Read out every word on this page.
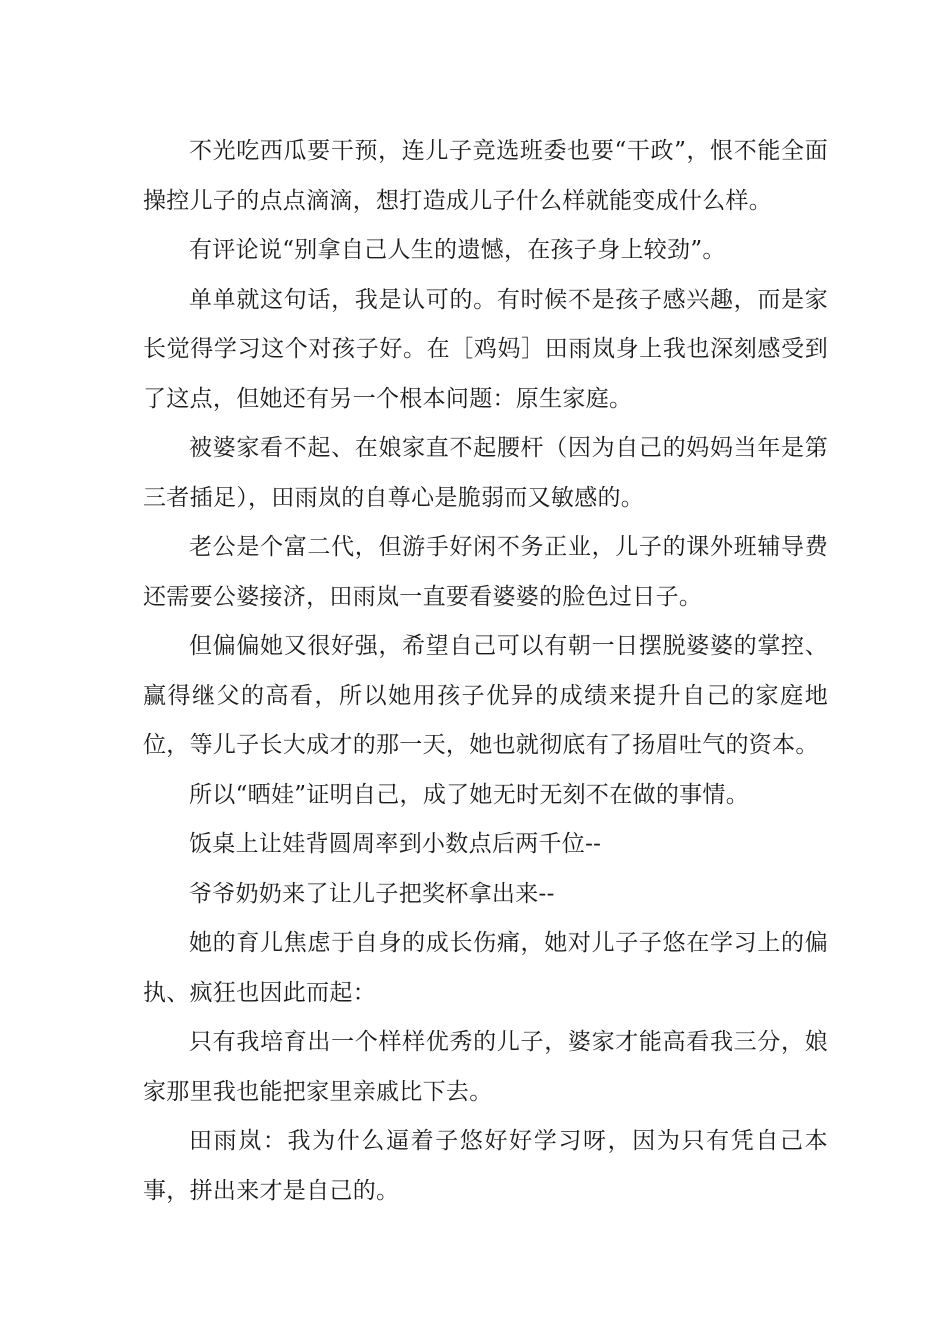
不光吃西瓜要干预，连儿子竞选班委也要“干政”，恨不能全面操控儿子的点点滴滴，想打造成儿子什么样就能变成什么样。

有评论说“别拿自己人生的遗憾，在孩子身上较劲”。

单单就这句话，我是认可的。有时候不是孩子感兴趣，而是家长觉得学习这个对孩子好。在［鸡妈］田雨岚身上我也深刻感受到了这点，但她还有另一个根本问题：原生家庭。

被婆家看不起、在娘家直不起腰杆（因为自己的妈妈当年是第三者插足），田雨岚的自尊心是脆弱而又敏感的。

老公是个富二代，但游手好闲不务正业，儿子的课外班辅导费还需要公婆接济，田雨岚一直要看婆婆的脸色过日子。

但偏偏她又很好强，希望自己可以有朝一日摆脱婆婆的掌控、赢得继父的高看，所以她用孩子优异的成绩来提升自己的家庭地位，等儿子长大成才的那一天，她也就彻底有了扬眉吐气的资本。

所以“晒娃”证明自己，成了她无时无刻不在做的事情。

饭桌上让娃背圆周率到小数点后两千位--

爷爷奶奶来了让儿子把奖杯拿出来--

她的育儿焦虑于自身的成长伤痛，她对儿子子悠在学习上的偏执、疯狂也因此而起：

只有我培育出一个样样优秀的儿子，婆家才能高看我三分，娘家那里我也能把家里亲戚比下去。

田雨岚：我为什么逼着子悠好好学习呀，因为只有凭自己本事，拼出来才是自己的。
